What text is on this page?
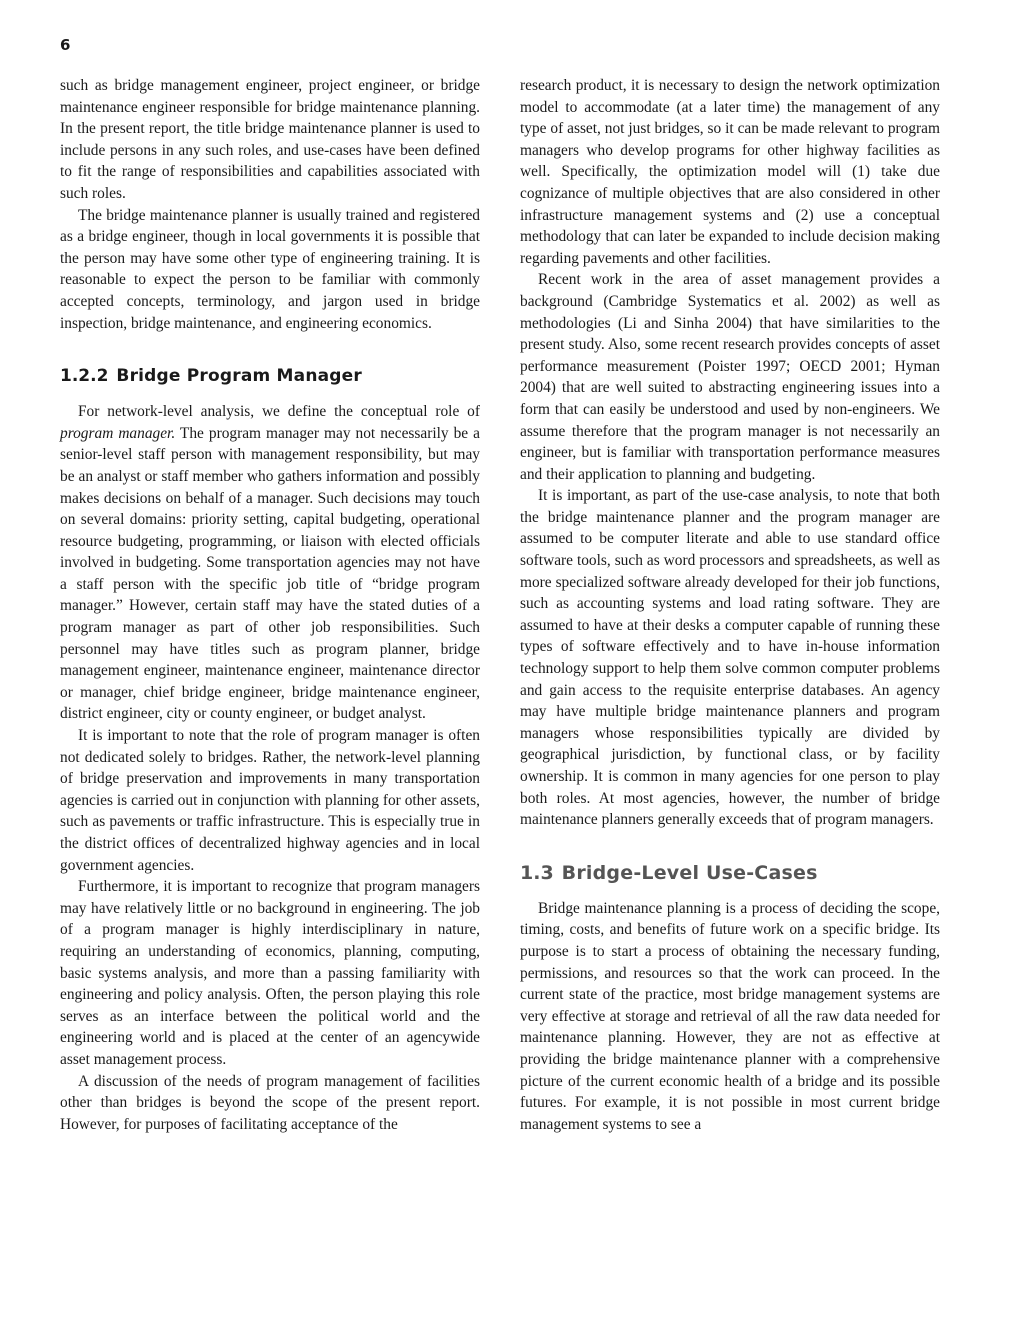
6

such as bridge management engineer, project engineer, or bridge maintenance engineer responsible for bridge maintenance planning. In the present report, the title bridge maintenance planner is used to include persons in any such roles, and use-cases have been defined to fit the range of responsibilities and capabilities associated with such roles.

The bridge maintenance planner is usually trained and registered as a bridge engineer, though in local governments it is possible that the person may have some other type of engineering training. It is reasonable to expect the person to be familiar with commonly accepted concepts, terminology, and jargon used in bridge inspection, bridge maintenance, and engineering economics.

1.2.2 Bridge Program Manager

For network-level analysis, we define the conceptual role of program manager. The program manager may not necessarily be a senior-level staff person with management responsibility, but may be an analyst or staff member who gathers information and possibly makes decisions on behalf of a manager. Such decisions may touch on several domains: priority setting, capital budgeting, operational resource budgeting, programming, or liaison with elected officials involved in budgeting. Some transportation agencies may not have a staff person with the specific job title of “bridge program manager.” However, certain staff may have the stated duties of a program manager as part of other job responsibilities. Such personnel may have titles such as program planner, bridge management engineer, maintenance engineer, maintenance director or manager, chief bridge engineer, bridge maintenance engineer, district engineer, city or county engineer, or budget analyst.

It is important to note that the role of program manager is often not dedicated solely to bridges. Rather, the network-level planning of bridge preservation and improvements in many transportation agencies is carried out in conjunction with planning for other assets, such as pavements or traffic infrastructure. This is especially true in the district offices of decentralized highway agencies and in local government agencies.

Furthermore, it is important to recognize that program managers may have relatively little or no background in engineering. The job of a program manager is highly interdisciplinary in nature, requiring an understanding of economics, planning, computing, basic systems analysis, and more than a passing familiarity with engineering and policy analysis. Often, the person playing this role serves as an interface between the political world and the engineering world and is placed at the center of an agencywide asset management process.

A discussion of the needs of program management of facilities other than bridges is beyond the scope of the present report. However, for purposes of facilitating acceptance of the

research product, it is necessary to design the network optimization model to accommodate (at a later time) the management of any type of asset, not just bridges, so it can be made relevant to program managers who develop programs for other highway facilities as well. Specifically, the optimization model will (1) take due cognizance of multiple objectives that are also considered in other infrastructure management systems and (2) use a conceptual methodology that can later be expanded to include decision making regarding pavements and other facilities.

Recent work in the area of asset management provides a background (Cambridge Systematics et al. 2002) as well as methodologies (Li and Sinha 2004) that have similarities to the present study. Also, some recent research provides concepts of asset performance measurement (Poister 1997; OECD 2001; Hyman 2004) that are well suited to abstracting engineering issues into a form that can easily be understood and used by non-engineers. We assume therefore that the program manager is not necessarily an engineer, but is familiar with transportation performance measures and their application to planning and budgeting.

It is important, as part of the use-case analysis, to note that both the bridge maintenance planner and the program manager are assumed to be computer literate and able to use standard office software tools, such as word processors and spreadsheets, as well as more specialized software already developed for their job functions, such as accounting systems and load rating software. They are assumed to have at their desks a computer capable of running these types of software effectively and to have in-house information technology support to help them solve common computer problems and gain access to the requisite enterprise databases. An agency may have multiple bridge maintenance planners and program managers whose responsibilities typically are divided by geographical jurisdiction, by functional class, or by facility ownership. It is common in many agencies for one person to play both roles. At most agencies, however, the number of bridge maintenance planners generally exceeds that of program managers.

1.3 Bridge-Level Use-Cases

Bridge maintenance planning is a process of deciding the scope, timing, costs, and benefits of future work on a specific bridge. Its purpose is to start a process of obtaining the necessary funding, permissions, and resources so that the work can proceed. In the current state of the practice, most bridge management systems are very effective at storage and retrieval of all the raw data needed for maintenance planning. However, they are not as effective at providing the bridge maintenance planner with a comprehensive picture of the current economic health of a bridge and its possible futures. For example, it is not possible in most current bridge management systems to see a
